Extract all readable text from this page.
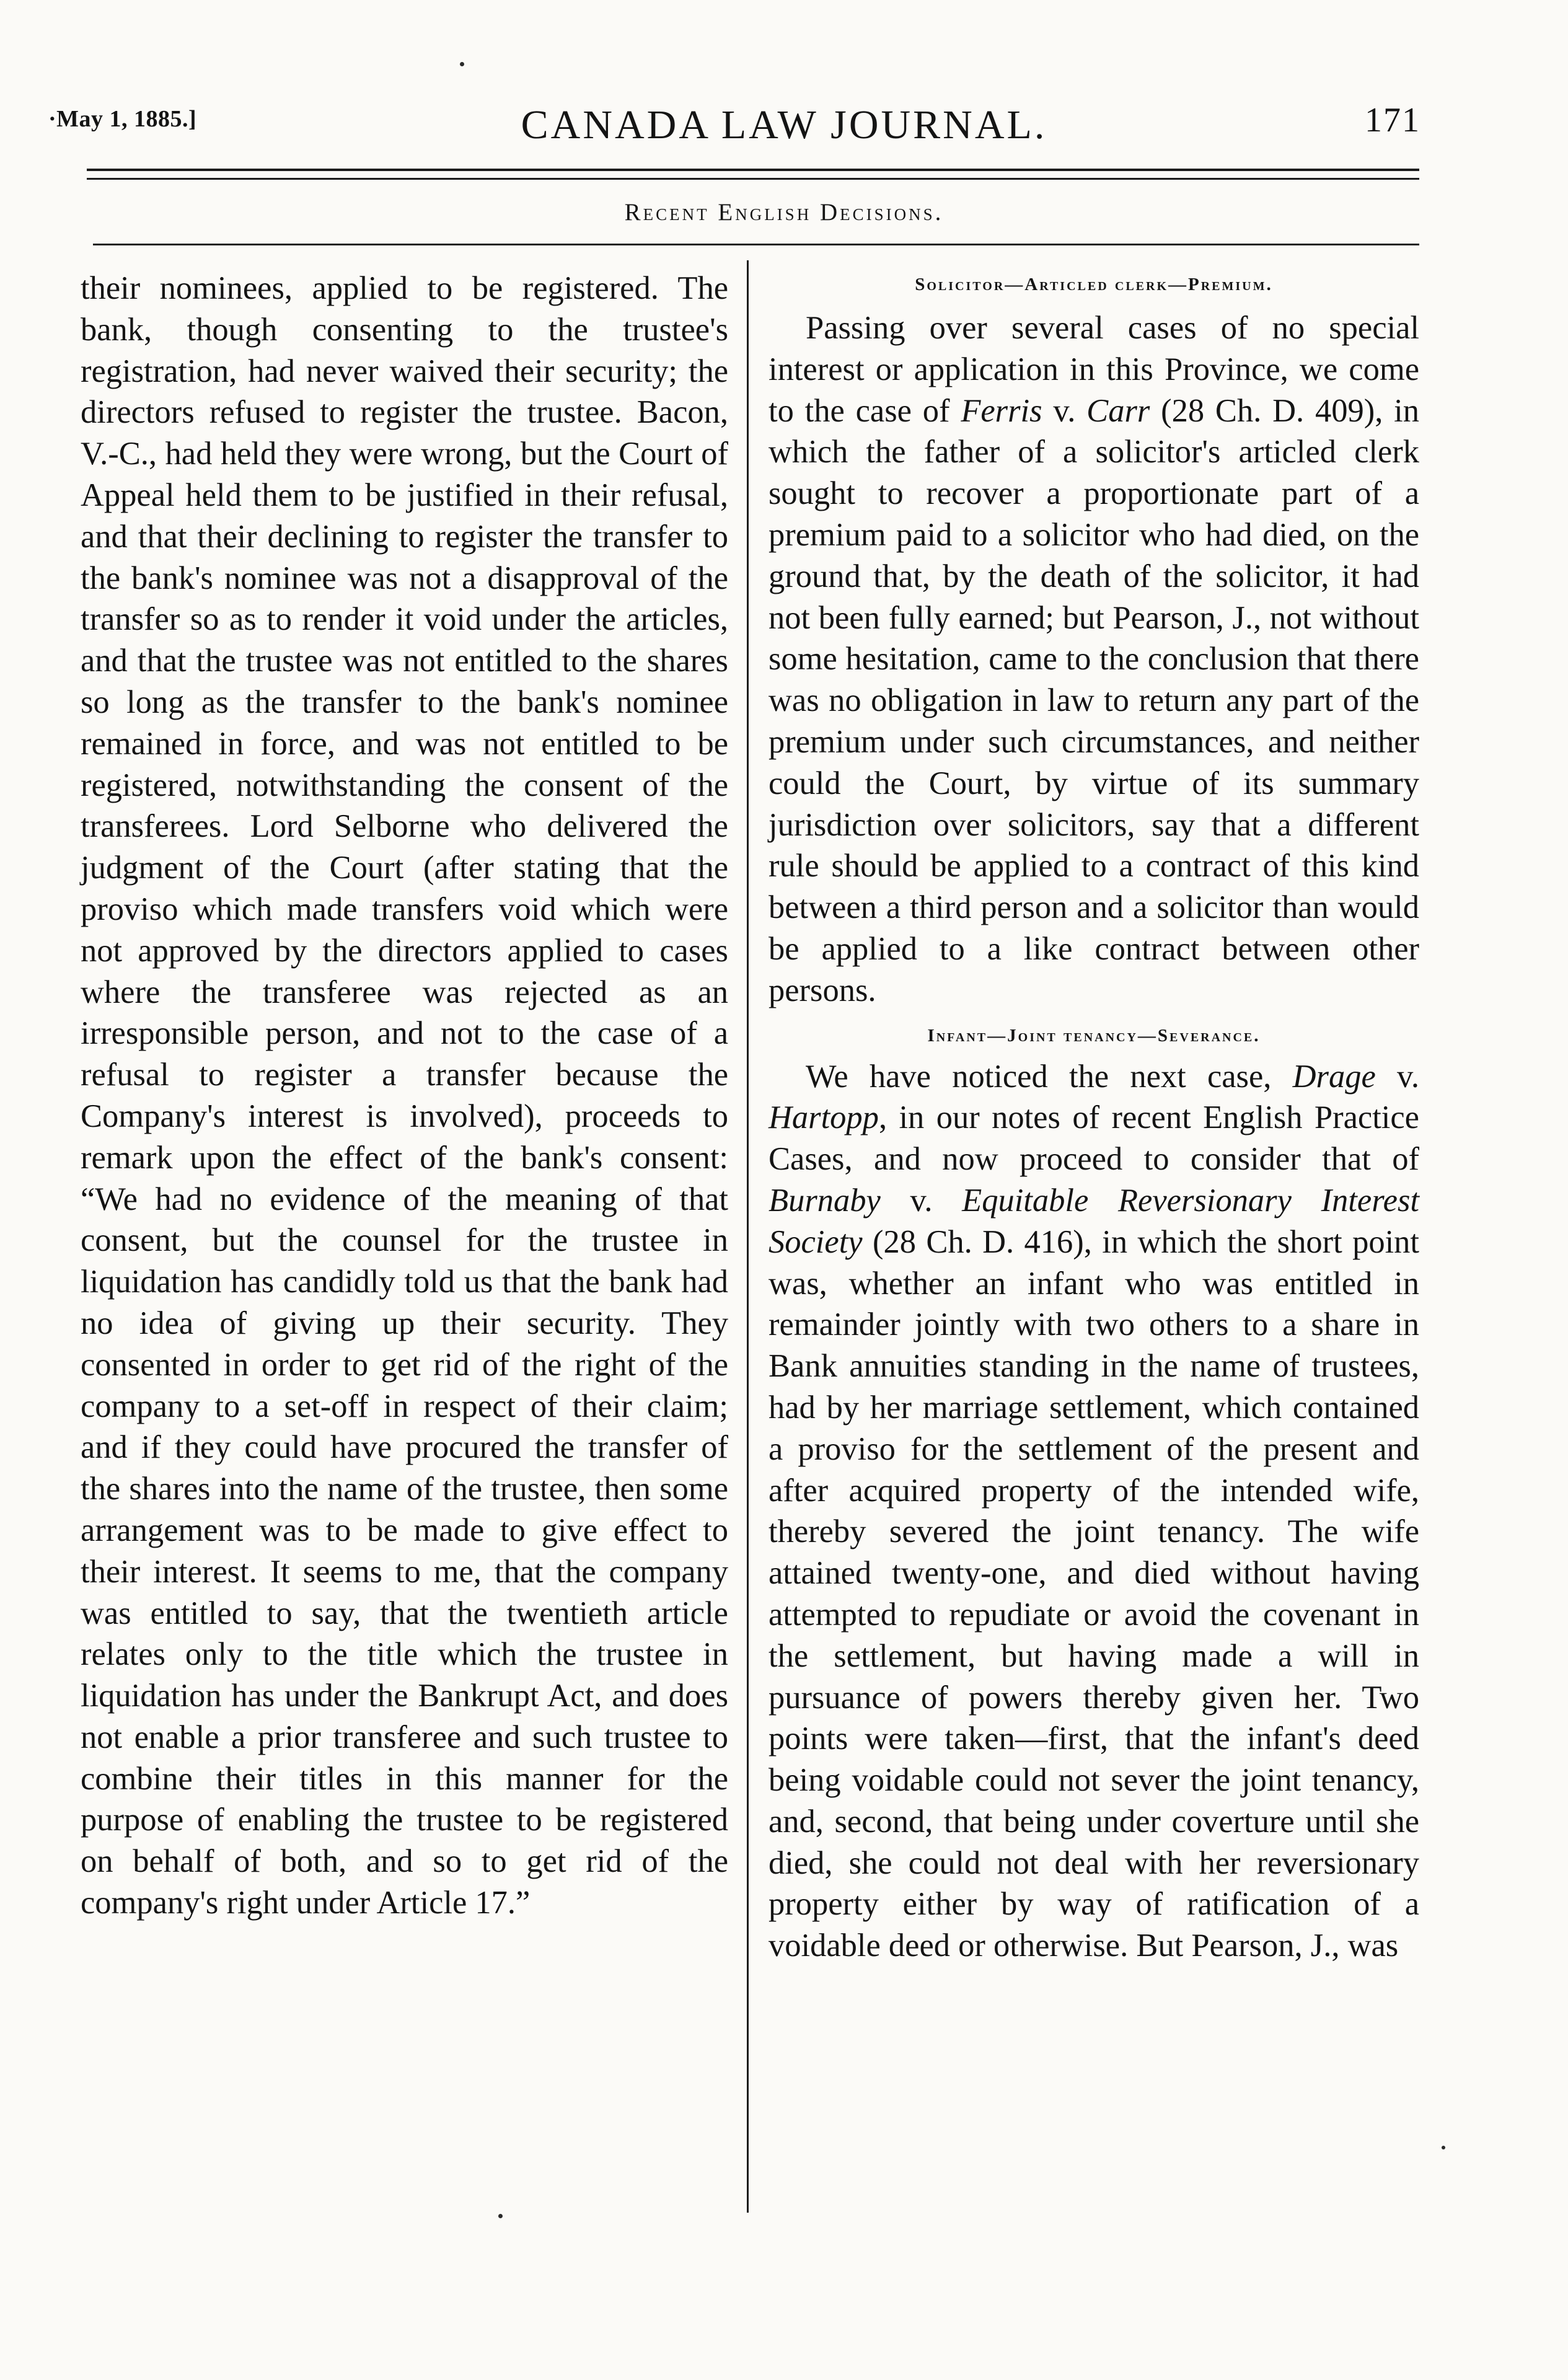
·May 1, 1885.]	CANADA LAW JOURNAL.	171
Recent English Decisions.

their nominees, applied to be registered. The bank, though consenting to the trustee's registration, had never waived their security; the directors refused to register the trustee. Bacon, V.-C., had held they were wrong, but the Court of Appeal held them to be justified in their refusal, and that their declining to register the transfer to the bank's nominee was not a disapproval of the transfer so as to render it void under the articles, and that the trustee was not entitled to the shares so long as the transfer to the bank's nominee remained in force, and was not entitled to be registered, notwithstanding the consent of the transferees. Lord Selborne who delivered the judgment of the Court (after stating that the proviso which made transfers void which were not approved by the directors applied to cases where the transferee was rejected as an irresponsible person, and not to the case of a refusal to register a transfer because the Company's interest is involved), proceeds to remark upon the effect of the bank's consent: “We had no evidence of the meaning of that consent, but the counsel for the trustee in liquidation has candidly told us that the bank had no idea of giving up their security. They consented in order to get rid of the right of the company to a set-off in respect of their claim; and if they could have procured the transfer of the shares into the name of the trustee, then some arrangement was to be made to give effect to their interest. It seems to me, that the company was entitled to say, that the twentieth article relates only to the title which the trustee in liquidation has under the Bankrupt Act, and does not enable a prior transferee and such trustee to combine their titles in this manner for the purpose of enabling the trustee to be registered on behalf of both, and so to get rid of the company's right under Article 17.”

Solicitor—Articled clerk—Premium.

Passing over several cases of no special interest or application in this Province, we come to the case of Ferris v. Carr (28 Ch. D. 409), in which the father of a solicitor's articled clerk sought to recover a proportionate part of a premium paid to a solicitor who had died, on the ground that, by the death of the solicitor, it had not been fully earned; but Pearson, J., not without some hesitation, came to the conclusion that there was no obligation in law to return any part of the premium under such circumstances, and neither could the Court, by virtue of its summary jurisdiction over solicitors, say that a different rule should be applied to a contract of this kind between a third person and a solicitor than would be applied to a like contract between other persons.

Infant—Joint tenancy—Severance.

We have noticed the next case, Drage v. Hartopp, in our notes of recent English Practice Cases, and now proceed to consider that of Burnaby v. Equitable Reversionary Interest Society (28 Ch. D. 416), in which the short point was, whether an infant who was entitled in remainder jointly with two others to a share in Bank annuities standing in the name of trustees, had by her marriage settlement, which contained a proviso for the settlement of the present and after acquired property of the intended wife, thereby severed the joint tenancy. The wife attained twenty-one, and died without having attempted to repudiate or avoid the covenant in the settlement, but having made a will in pursuance of powers thereby given her. Two points were taken—first, that the infant's deed being voidable could not sever the joint tenancy, and, second, that being under coverture until she died, she could not deal with her reversionary property either by way of ratification of a voidable deed or otherwise. But Pearson, J., was
